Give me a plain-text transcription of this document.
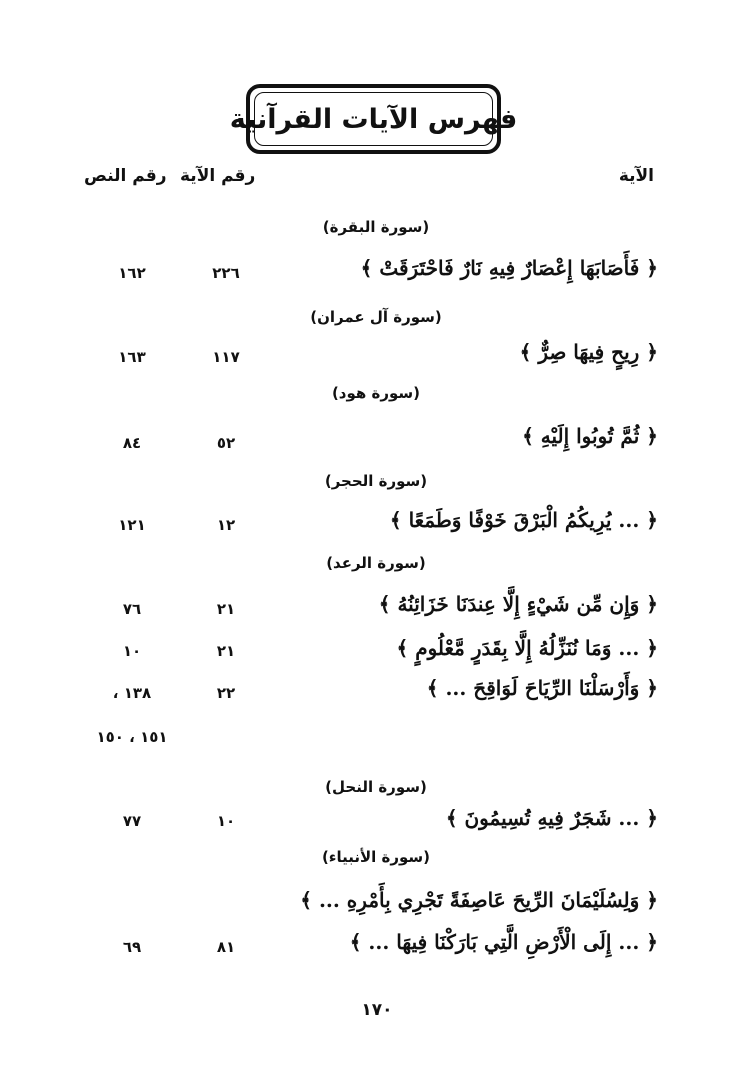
فهرس الآيات القرآنية
الآية
رقم الآية
رقم النص
(سورة البقرة)
﴿ فَأَصَابَهَا إِعْصَارٌ فِيهِ نَارٌ فَاحْتَرَقَتْ ﴾
٢٢٦
١٦٢
(سورة آل عمران)
﴿ رِيحٍ فِيهَا صِرٌّ ﴾
١١٧
١٦٣
(سورة هود)
﴿ ثُمَّ تُوبُوا إِلَيْهِ ﴾
٥٢
٨٤
(سورة الحجر)
﴿ ... يُرِيكُمُ الْبَرْقَ خَوْفًا وَطَمَعًا ﴾
١٢
١٢١
(سورة الرعد)
﴿ وَإِن مِّن شَيْءٍ إِلَّا عِندَنَا خَزَائِنُهُ ﴾
٢١
٧٦
﴿ ... وَمَا نُنَزِّلُهُ إِلَّا بِقَدَرٍ مَّعْلُومٍ ﴾
٢١
١٠
﴿ وَأَرْسَلْنَا الرِّيَاحَ لَوَاقِحَ ... ﴾
٢٢
١٣٨ ،
١٥١ ، ١٥٠
(سورة النحل)
﴿ ... شَجَرٌ فِيهِ تُسِيمُونَ ﴾
١٠
٧٧
(سورة الأنبياء)
﴿ وَلِسُلَيْمَانَ الرِّيحَ عَاصِفَةً تَجْرِي بِأَمْرِهِ ... ﴾
﴿ ... إِلَى الْأَرْضِ الَّتِي بَارَكْنَا فِيهَا ... ﴾
٨١
٦٩
١٧٠
